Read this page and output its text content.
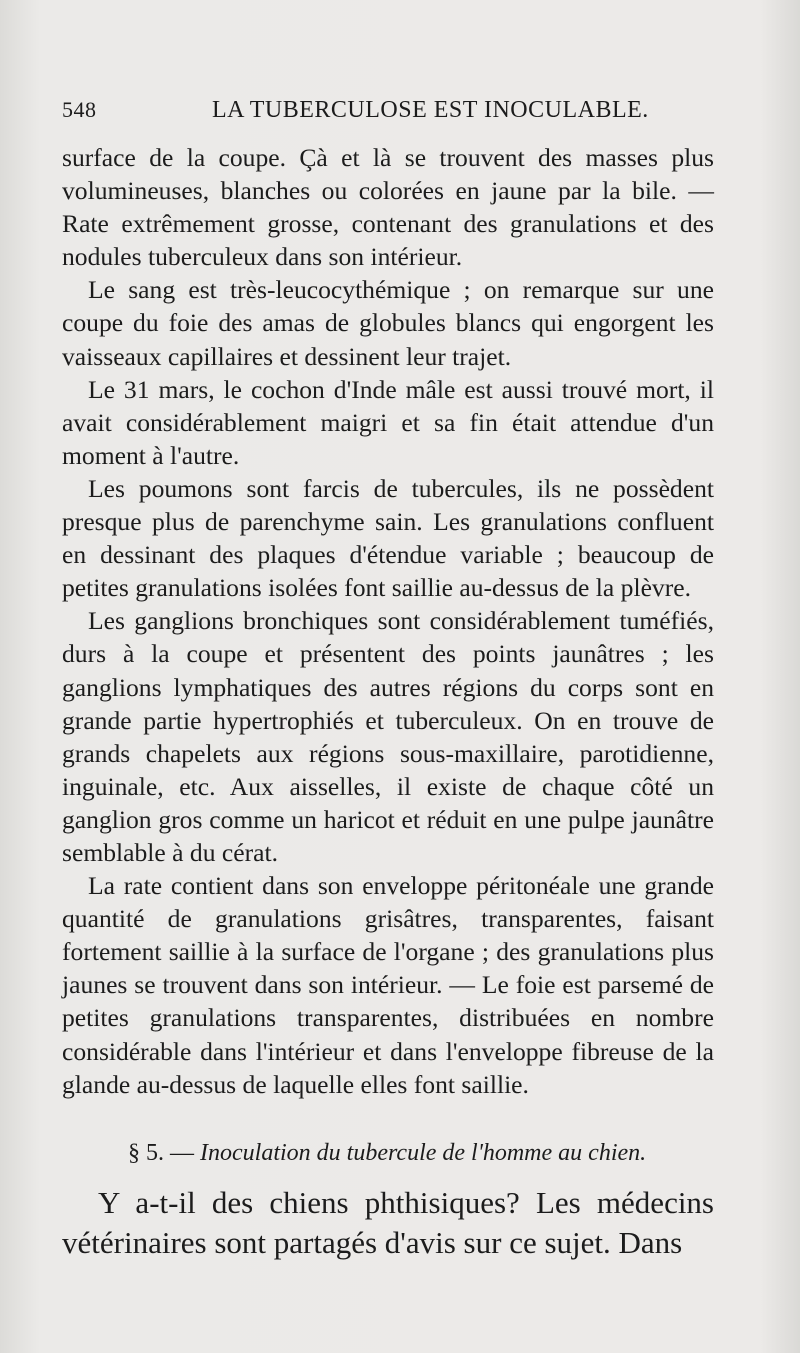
548	LA TUBERCULOSE EST INOCULABLE.

surface de la coupe. Çà et là se trouvent des masses plus volumineuses, blanches ou colorées en jaune par la bile. — Rate extrêmement grosse, contenant des granulations et des nodules tuberculeux dans son intérieur.

Le sang est très-leucocythémique ; on remarque sur une coupe du foie des amas de globules blancs qui engorgent les vaisseaux capillaires et dessinent leur trajet.

Le 31 mars, le cochon d'Inde mâle est aussi trouvé mort, il avait considérablement maigri et sa fin était attendue d'un moment à l'autre.

Les poumons sont farcis de tubercules, ils ne possèdent presque plus de parenchyme sain. Les granulations confluent en dessinant des plaques d'étendue variable ; beaucoup de petites granulations isolées font saillie au-dessus de la plèvre.

Les ganglions bronchiques sont considérablement tuméfiés, durs à la coupe et présentent des points jaunâtres ; les ganglions lymphatiques des autres régions du corps sont en grande partie hypertrophiés et tuberculeux. On en trouve de grands chapelets aux régions sous-maxillaire, parotidienne, inguinale, etc. Aux aisselles, il existe de chaque côté un ganglion gros comme un haricot et réduit en une pulpe jaunâtre semblable à du cérat.

La rate contient dans son enveloppe péritonéale une grande quantité de granulations grisâtres, transparentes, faisant fortement saillie à la surface de l'organe ; des granulations plus jaunes se trouvent dans son intérieur. — Le foie est parsemé de petites granulations transparentes, distribuées en nombre considérable dans l'intérieur et dans l'enveloppe fibreuse de la glande au-dessus de laquelle elles font saillie.

§ 5. — Inoculation du tubercule de l'homme au chien.

Y a-t-il des chiens phthisiques? Les médecins vétérinaires sont partagés d'avis sur ce sujet. Dans
